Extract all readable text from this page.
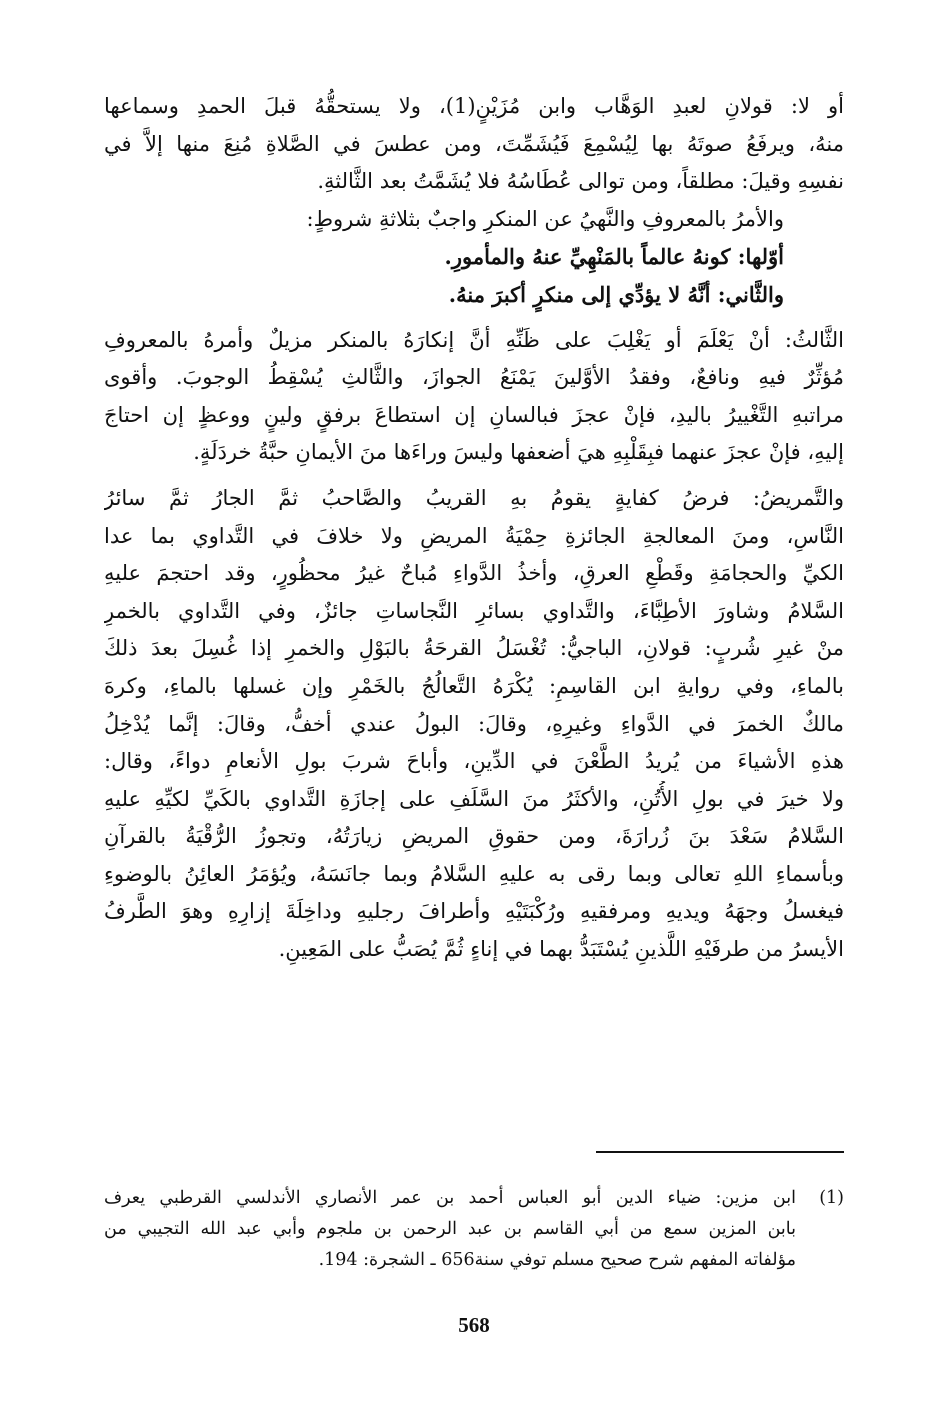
أو لا: قولانِ لعبدِ الوَهَّاب وابن مُزَيْنٍ(1)، ولا يستحقُّهُ قبلَ الحمدِ وسماعها
منهُ، ويرفَعُ صوتَهُ بها لِيُسْمِعَ فَيُشَمِّتَ، ومن عطسَ في الصَّلاةِ مُنِعَ منها إلاَّ في
نفسِهِ وقيلَ: مطلقاً، ومن توالى عُطَاسُهُ فلا يُشَمَّتُ بعد الثَّالثةِ.
والأمرُ بالمعروفِ والنَّهيُ عن المنكرِ واجبٌ بثلاثةِ شروطٍ:
أوّلها: كونهُ عالماً بالمَنْهِيِّ عنهُ والمأمورِ.
والثَّاني: أنَّهُ لا يؤدِّي إلى منكرٍ أكبرَ منهُ.
الثَّالثُ: أنْ يَعْلَمَ أو يَغْلِبَ على ظَنِّهِ أنَّ إنكارَهُ بالمنكر مزيلٌ وأمرهُ بالمعروفِ
مُؤثِّرٌ فيهِ ونافعٌ، وفقدُ الأوَّلينَ يَمْنَعُ الجوازَ، والثَّالثِ يُسْقِطُ الوجوبَ. وأقوى
مراتبهِ التَّغْييرُ باليدِ، فإنْ عجزَ فبالسانِ إن استطاعَ برفقٍ ولينٍ ووعظٍ إن احتاجَ
إليهِ، فإنْ عجزَ عنهما فبِقَلْبِهِ هيَ أضعفها وليسَ وراءَها منَ الأيمانِ حبَّةُ خردَلَةٍ.
والتَّمريضُ: فرضُ كفايةٍ يقومُ بهِ القريبُ والصَّاحبُ ثمَّ الجارُ ثمَّ سائرُ
النَّاسِ، ومنَ المعالجةِ الجائزةِ حِمْيَةُ المريضِ ولا خلافَ في التَّداوي بما عدا
الكيِّ والحجامَةِ وقَطْعِ العرقِ، وأخذُ الدَّواءِ مُباحٌ غيرُ محظُورٍ، وقد احتجمَ عليهِ
السَّلامُ وشاورَ الأطِبَّاءَ، والتَّداوي بسائرِ النَّجاساتِ جائزٌ، وفي التَّداوي بالخمرِ
منْ غيرِ شُربٍ: قولانِ، الباجيُّ: تُغْسَلُ القرحَةُ بالبَوْلِ والخمرِ إذا غُسِلَ بعدَ ذلكَ
بالماءِ، وفي روايةِ ابن القاسِمِ: يُكْرَهُ التَّعالُجُ بالخَمْرِ وإن غسلها بالماءِ، وكرهَ
مالكٌ الخمرَ في الدَّواءِ وغيرِهِ، وقالَ: البولُ عندي أخفُّ، وقالَ: إنَّما يُدْخِلُ
هذهِ الأشياءَ من يُريدُ الطَّعْنَ في الدِّينِ، وأباحَ شربَ بولِ الأنعامِ دواءً، وقال:
ولا خيرَ في بولِ الأُتُنِ، والأكثَرُ منَ السَّلَفِ على إجازَةِ التَّداوي بالكَيِّ لكيِّهِ عليهِ
السَّلامُ سَعْدَ بنَ زُرارَةَ، ومن حقوقِ المريضِ زيارَتُهُ، وتجوزُ الرُّقْيَةُ بالقرآنِ
وبأسماءِ اللهِ تعالى وبما رقى به عليهِ السَّلامُ وبما جانَسَهُ، ويُؤمَرُ العائِنُ بالوضوءِ
فيغسلُ وجهَهُ ويديهِ ومرفقيهِ ورُكْبَتَيْهِ وأطرافَ رجليهِ وداخِلَةَ إزارِهِ وهوَ الطَّرفُ
الأيسرُ من طرفَيْهِ اللَّذينِ يُسْتَبَدُّ بهما في إناءٍ ثُمَّ يُصَبُّ على المَعِينِ.
(1)
ابن مزين: ضياء الدين أبو العباس أحمد بن عمر الأنصاري الأندلسي القرطبي يعرف
بابن المزين سمع من أبي القاسم بن عبد الرحمن بن ملجوم وأبي عبد الله التجيبي من
مؤلفاته المفهم شرح صحيح مسلم توفي سنة656 ـ الشجرة: 194.
568
